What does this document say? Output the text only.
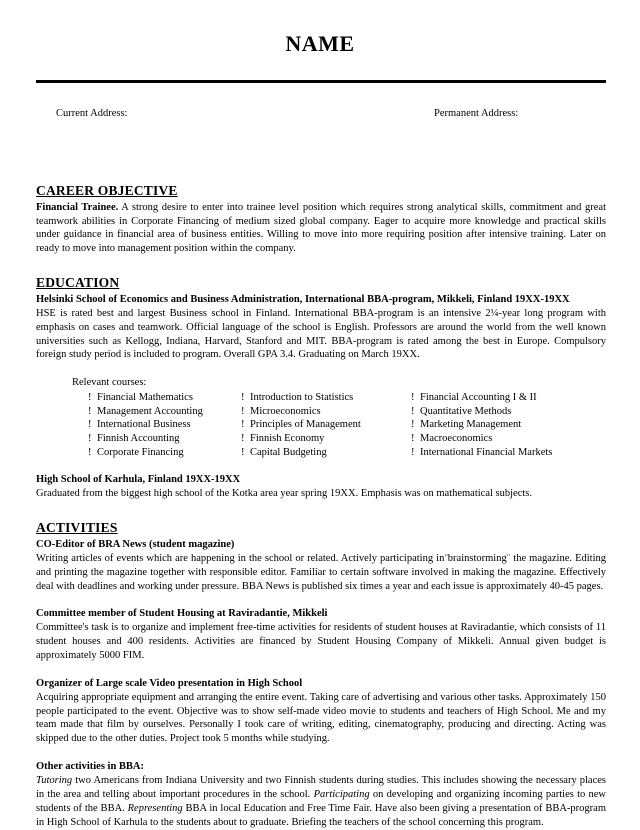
NAME
Current Address:	Permanent Address:
CAREER OBJECTIVE

Financial Trainee. A strong desire to enter into trainee level position which requires strong analytical skills, commitment and great teamwork abilities in Corporate Financing of medium sized global company. Eager to acquire more knowledge and practical skills under guidance in financial area of business entities. Willing to move into more requiring position after intensive training. Later on ready to move into management position within the company.

EDUCATION
Helsinki School of Economics and Business Administration, International BBA-program, Mikkeli, Finland 19XX-19XX

HSE is rated best and largest Business school in Finland. International BBA-program is an intensive 2¼-year long program with emphasis on cases and teamwork. Official language of the school is English. Professors are around the world from the well known universities such as Kellogg, Indiana, Harvard, Stanford and MIT. BBA-program is rated among the best in Europe. Compulsory foreign study period is included to program. Overall GPA 3.4. Graduating on March 19XX.

Relevant courses:
! Financial Mathematics
! Management Accounting
! International Business
! Finnish Accounting
! Corporate Financing
! Introduction to Statistics
! Microeconomics
! Principles of Management
! Finnish Economy
! Capital Budgeting
! Financial Accounting I & II
! Quantitative Methods
! Marketing Management
! Macroeconomics
! International Financial Markets
High School of Karhula, Finland 19XX-19XX

Graduated from the biggest high school of the Kotka area year spring 19XX. Emphasis was on mathematical subjects.

ACTIVITIES
CO-Editor of BRA News (student magazine)

Writing articles of events which are happening in the school or related. Actively participating in¨brainstorming¨ the magazine. Editing and printing the magazine together with responsible editor. Familiar to certain software involved in making the magazine. Effectively deal with deadlines and working under pressure. BBA News is published six times a year and each issue is approximately 40-45 pages.

Committee member of Student Housing at Raviradantie, Mikkeli

Committee's task is to organize and implement free-time activities for residents of student houses at Raviradantie, which consists of 11 student houses and 400 residents. Activities are financed by Student Housing Company of Mikkeli. Annual given budget is approximately 5000 FIM.

Organizer of Large scale Video presentation in High School

Acquiring appropriate equipment and arranging the entire event. Taking care of advertising and various other tasks. Approximately 150 people participated to the event. Objective was to show self-made video movie to students and teachers of High School. Me and my team made that film by ourselves. Personally I took care of writing, editing, cinematography, producing and directing. Acting was skipped due to the other duties. Project took 5 months while studying.

Other activities in BBA:

Tutoring two Americans from Indiana University and two Finnish students during studies. This includes showing the necessary places in the area and telling about important procedures in the school. Participating on developing and organizing incoming parties to new students of the BBA. Representing BBA in local Education and Free Time Fair. Have also been giving a presentation of BBA-program in High School of Karhula to the students about to graduate. Briefing the teachers of the school concerning this program.
